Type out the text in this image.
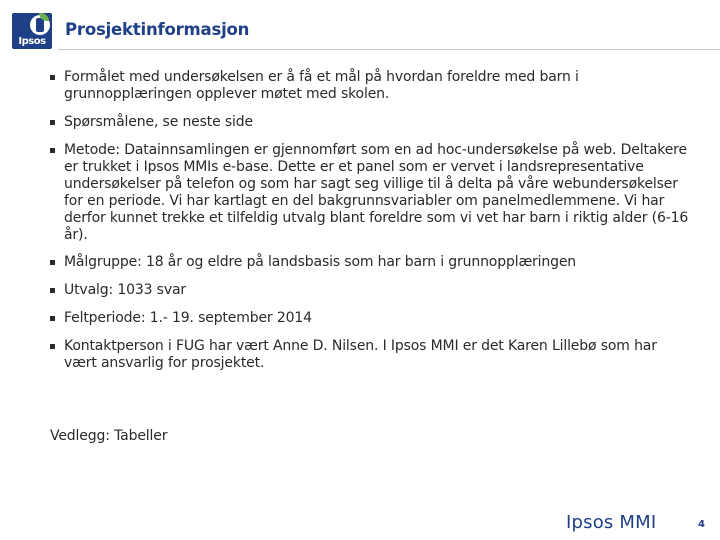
Ipsos
Prosjektinformasjon
Formålet med undersøkelsen er å få et mål på hvordan foreldre med barn i grunnopplæringen opplever møtet med skolen.
Spørsmålene, se neste side
Metode: Datainnsamlingen er gjennomført som en ad hoc-undersøkelse på web. Deltakere er trukket i Ipsos MMIs e-base. Dette er et panel som er vervet i landsrepresentative undersøkelser på telefon og som har sagt seg villige til å delta på våre webundersøkelser for en periode. Vi har kartlagt en del bakgrunnsvariabler om panelmedlemmene. Vi har derfor kunnet trekke et tilfeldig utvalg blant foreldre som vi vet har barn i riktig alder (6-16 år).
Målgruppe: 18 år og eldre på landsbasis som har barn i grunnopplæringen
Utvalg: 1033 svar
Feltperiode: 1.- 19. september 2014
Kontaktperson i FUG har vært Anne D. Nilsen. I Ipsos MMI er det Karen Lillebø som har vært ansvarlig for prosjektet.
Vedlegg: Tabeller
Ipsos MMI	4
